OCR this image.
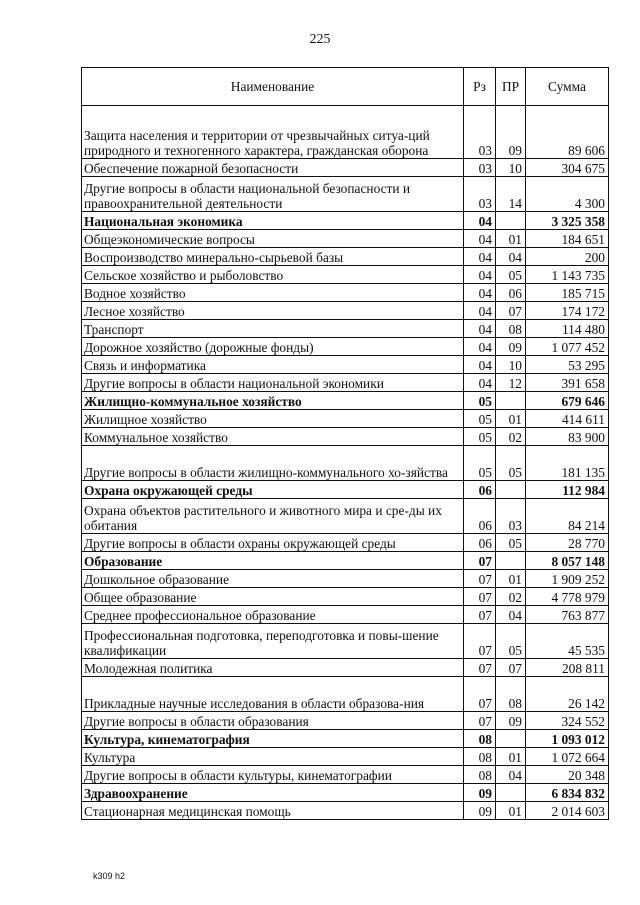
225
Наименование	Рз	ПР	Сумма
Защита населения и территории от чрезвычайных ситуа-ций природного и техногенного характера, гражданская оборона	03	09	89 606
Обеспечение пожарной безопасности	03	10	304 675
Другие вопросы в области национальной безопасности и правоохранительной деятельности	03	14	4 300
Национальная экономика	04		3 325 358
Общеэкономические вопросы	04	01	184 651
Воспроизводство минерально-сырьевой базы	04	04	200
Сельское хозяйство и рыболовство	04	05	1 143 735
Водное хозяйство	04	06	185 715
Лесное хозяйство	04	07	174 172
Транспорт	04	08	114 480
Дорожное хозяйство (дорожные фонды)	04	09	1 077 452
Связь и информатика	04	10	53 295
Другие вопросы в области национальной экономики	04	12	391 658
Жилищно-коммунальное хозяйство	05		679 646
Жилищное хозяйство	05	01	414 611
Коммунальное хозяйство	05	02	83 900
Другие вопросы в области жилищно-коммунального хо-зяйства	05	05	181 135
Охрана окружающей среды	06		112 984
Охрана объектов растительного и животного мира и сре-ды их обитания	06	03	84 214
Другие вопросы в области охраны окружающей среды	06	05	28 770
Образование	07		8 057 148
Дошкольное образование	07	01	1 909 252
Общее образование	07	02	4 778 979
Среднее профессиональное образование	07	04	763 877
Профессиональная подготовка, переподготовка и повы-шение квалификации	07	05	45 535
Молодежная политика	07	07	208 811
Прикладные научные исследования в области образова-ния	07	08	26 142
Другие вопросы в области образования	07	09	324 552
Культура, кинематография	08		1 093 012
Культура	08	01	1 072 664
Другие вопросы в области культуры, кинематографии	08	04	20 348
Здравоохранение	09		6 834 832
Стационарная медицинская помощь	09	01	2 014 603
k309 h2
